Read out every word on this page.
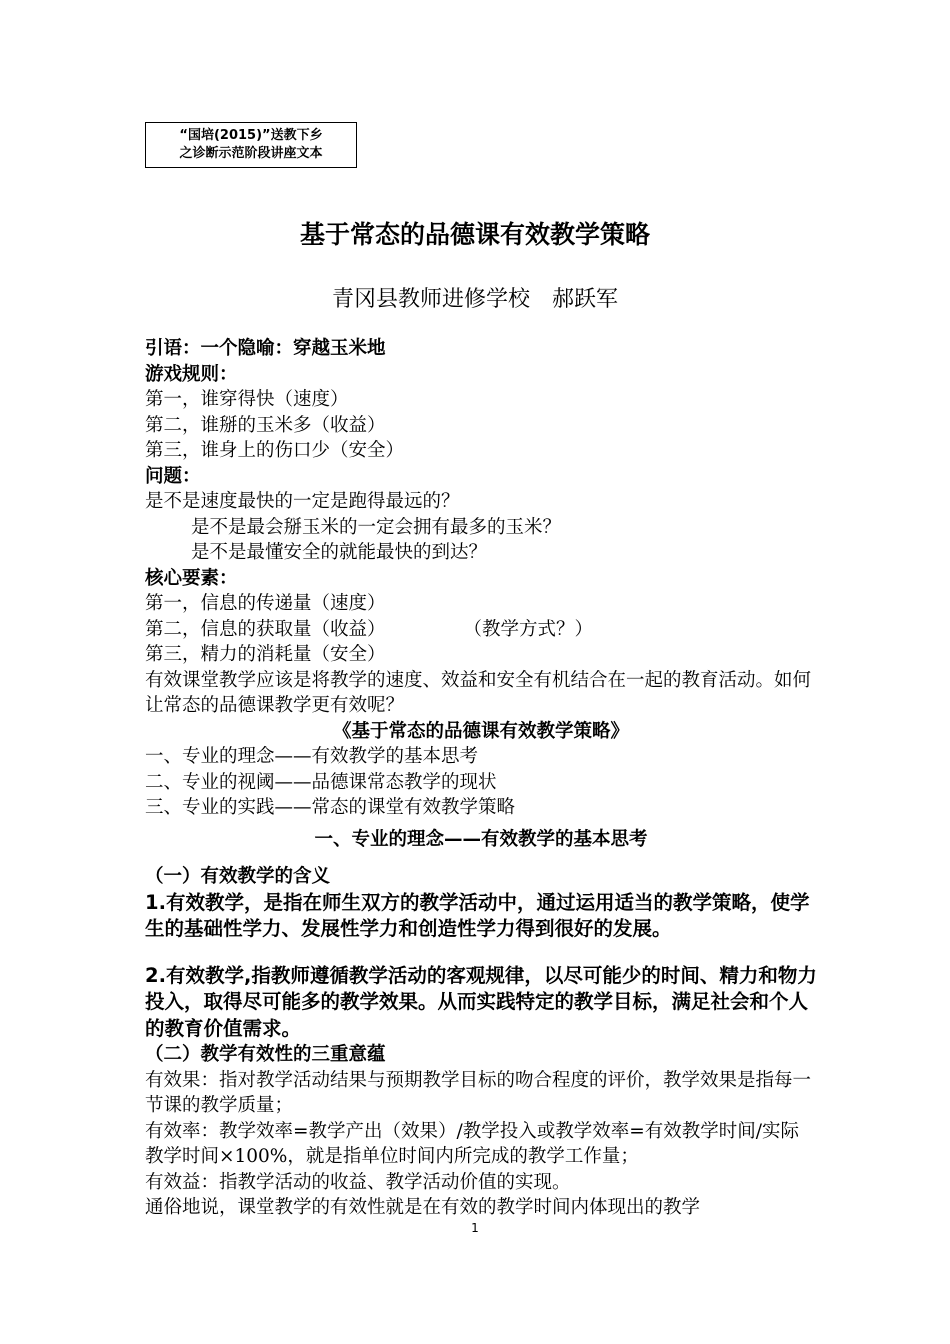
“国培(2015)”送教下乡
之诊断示范阶段讲座文本
基于常态的品德课有效教学策略
青冈县教师进修学校　郝跃军

引语：一个隐喻：穿越玉米地

游戏规则：

第一，谁穿得快（速度）

第二，谁掰的玉米多（收益）

第三，谁身上的伤口少（安全）

问题：

是不是速度最快的一定是跑得最远的？

是不是最会掰玉米的一定会拥有最多的玉米？

是不是最懂安全的就能最快的到达？

核心要素：

第一，信息的传递量（速度）

第二，信息的获取量（收益）	（教学方式？）

第三，精力的消耗量（安全）

有效课堂教学应该是将教学的速度、效益和安全有机结合在一起的教育活动。如何让常态的品德课教学更有效呢？

《基于常态的品德课有效教学策略》

一、专业的理念——有效教学的基本思考

二、专业的视阈——品德课常态教学的现状

三、专业的实践——常态的课堂有效教学策略

一、专业的理念——有效教学的基本思考

（一）有效教学的含义

1.有效教学，是指在师生双方的教学活动中，通过运用适当的教学策略，使学生的基础性学力、发展性学力和创造性学力得到很好的发展。

2.有效教学,指教师遵循教学活动的客观规律，以尽可能少的时间、精力和物力投入，取得尽可能多的教学效果。从而实践特定的教学目标，满足社会和个人的教育价值需求。

（二）教学有效性的三重意蕴

有效果：指对教学活动结果与预期教学目标的吻合程度的评价，教学效果是指每一节课的教学质量；

有效率：教学效率=教学产出（效果）/教学投入或教学效率=有效教学时间/实际教学时间×100%，就是指单位时间内所完成的教学工作量；

有效益：指教学活动的收益、教学活动价值的实现。

通俗地说，课堂教学的有效性就是在有效的教学时间内体现出的教学

1
